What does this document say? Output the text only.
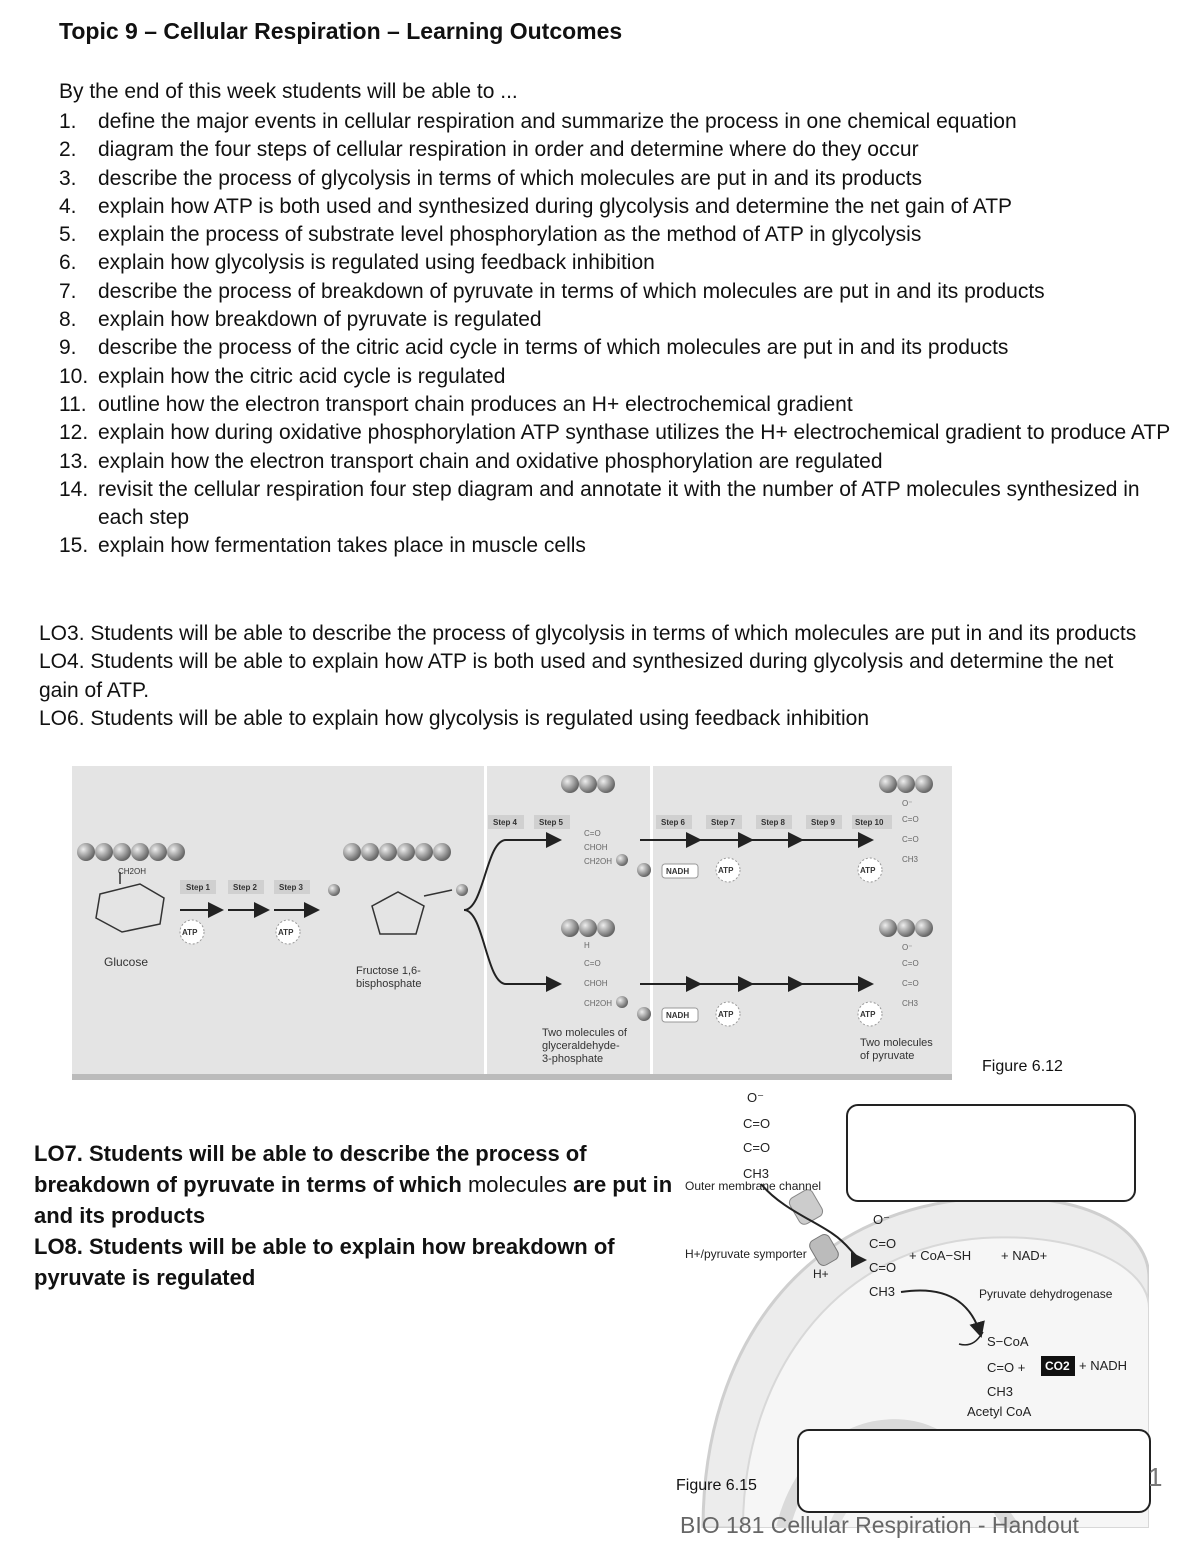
Topic 9 – Cellular Respiration – Learning Outcomes
By the end of this week students will be able to ...
1.	define the major events in cellular respiration and summarize the process in one chemical equation
2.	diagram the four steps of cellular respiration in order and determine where do they occur
3.	describe the process of glycolysis in terms of which molecules are put in and its products
4.	explain how ATP is both used and synthesized during glycolysis and determine the net gain of ATP
5.	explain the process of substrate level phosphorylation as the method of ATP in glycolysis
6.	explain how glycolysis is regulated using feedback inhibition
7.	describe the process of breakdown of pyruvate in terms of which molecules are put in and its products
8.	explain how breakdown of pyruvate is regulated
9.	describe the process of the citric acid cycle in terms of which molecules are put in and its products
10. explain how the citric acid cycle is regulated
11. outline how the electron transport chain produces an H+ electrochemical gradient
12. explain how during oxidative phosphorylation ATP synthase utilizes the H+ electrochemical gradient to produce ATP
13. explain how the electron transport chain and oxidative phosphorylation are regulated
14. revisit the cellular respiration four step diagram and annotate it with the number of ATP molecules synthesized in each step
15. explain how fermentation takes place in muscle cells

LO3. Students will be able to describe the process of glycolysis in terms of which molecules are put in and its products

LO4. Students will be able to explain how ATP is both used and synthesized during glycolysis and determine the net gain of ATP.

LO6. Students will be able to explain how glycolysis is regulated using feedback inhibition

CH2OH
Glucose
Step 1	Step 2	Step 3
ATP	ATP
Fructose 1,6-
bisphosphate
Step 4	Step 5	Step 6	Step 7	Step 8	Step 9 Step 10
C=O
CHOH
CH2OH
NADH	ATP	ATP
O⁻
C=O
C=O
CH3
H
C=O
CHOH
CH2OH
NADH	ATP	ATP
O⁻
C=O
C=O
CH3
Two molecules of
glyceraldehyde-
3-phosphate
Two molecules
of pyruvate
Figure 6.12

LO7. Students will be able to describe the process of breakdown of pyruvate in terms of which molecules are put in and its products

LO8. Students will be able to explain how breakdown of pyruvate is regulated

O⁻
C=O
C=O
CH3
Outer membrane channel
H+/pyruvate symporter
H+
O⁻
C=O
C=O
CH3
+ CoA−SH + NAD+
Pyruvate dehydrogenase
S−CoA
C=O +
CH3
CO2 + NADH
Acetyl CoA
Figure 6.15	1
BIO 181 Cellular Respiration - Handout
